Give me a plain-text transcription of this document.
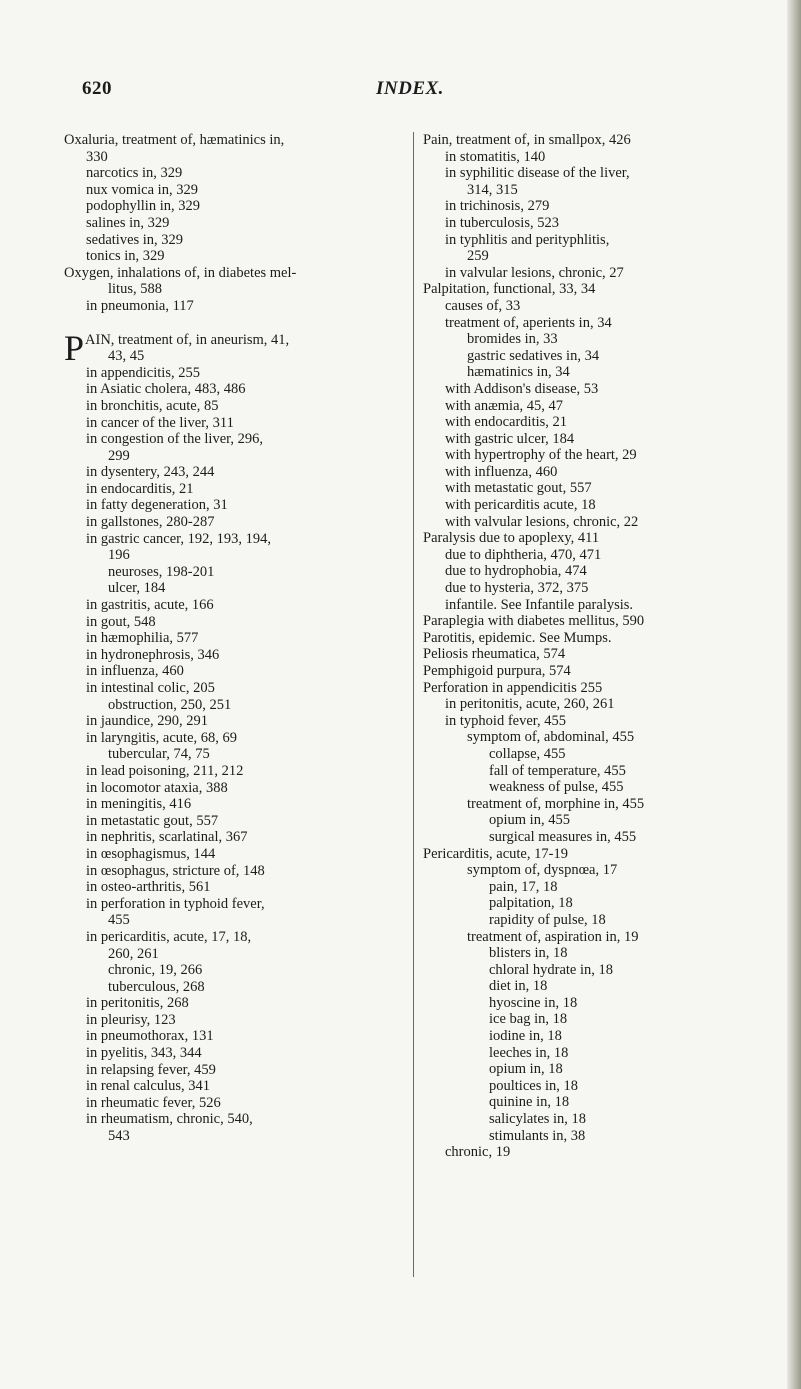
620	INDEX.
Oxaluria, treatment of, hæmatinics in,
330
narcotics in, 329
nux vomica in, 329
podophyllin in, 329
salines in, 329
sedatives in, 329
tonics in, 329
Oxygen, inhalations of, in diabetes mel-
litus, 588
in pneumonia, 117
PAIN, treatment of, in aneurism, 41,
43, 45
in appendicitis, 255
in Asiatic cholera, 483, 486
in bronchitis, acute, 85
in cancer of the liver, 311
in congestion of the liver, 296,
299
in dysentery, 243, 244
in endocarditis, 21
in fatty degeneration, 31
in gallstones, 280-287
in gastric cancer, 192, 193, 194,
196
neuroses, 198-201
ulcer, 184
in gastritis, acute, 166
in gout, 548
in hæmophilia, 577
in hydronephrosis, 346
in influenza, 460
in intestinal colic, 205
obstruction, 250, 251
in jaundice, 290, 291
in laryngitis, acute, 68, 69
tubercular, 74, 75
in lead poisoning, 211, 212
in locomotor ataxia, 388
in meningitis, 416
in metastatic gout, 557
in nephritis, scarlatinal, 367
in œsophagismus, 144
in œsophagus, stricture of, 148
in osteo-arthritis, 561
in perforation in typhoid fever,
455
in pericarditis, acute, 17, 18,
260, 261
chronic, 19, 266
tuberculous, 268
in peritonitis, 268
in pleurisy, 123
in pneumothorax, 131
in pyelitis, 343, 344
in relapsing fever, 459
in renal calculus, 341
in rheumatic fever, 526
in rheumatism, chronic, 540,
543
Pain, treatment of, in smallpox, 426
in stomatitis, 140
in syphilitic disease of the liver,
314, 315
in trichinosis, 279
in tuberculosis, 523
in typhlitis and perityphlitis,
259
in valvular lesions, chronic, 27
Palpitation, functional, 33, 34
causes of, 33
treatment of, aperients in, 34
bromides in, 33
gastric sedatives in, 34
hæmatinics in, 34
with Addison's disease, 53
with anæmia, 45, 47
with endocarditis, 21
with gastric ulcer, 184
with hypertrophy of the heart, 29
with influenza, 460
with metastatic gout, 557
with pericarditis acute, 18
with valvular lesions, chronic, 22
Paralysis due to apoplexy, 411
due to diphtheria, 470, 471
due to hydrophobia, 474
due to hysteria, 372, 375
infantile. See Infantile paralysis.
Paraplegia with diabetes mellitus, 590
Parotitis, epidemic. See Mumps.
Peliosis rheumatica, 574
Pemphigoid purpura, 574
Perforation in appendicitis 255
in peritonitis, acute, 260, 261
in typhoid fever, 455
symptom of, abdominal, 455
collapse, 455
fall of temperature, 455
weakness of pulse, 455
treatment of, morphine in, 455
opium in, 455
surgical measures in, 455
Pericarditis, acute, 17-19
symptom of, dyspnœa, 17
pain, 17, 18
palpitation, 18
rapidity of pulse, 18
treatment of, aspiration in, 19
blisters in, 18
chloral hydrate in, 18
diet in, 18
hyoscine in, 18
ice bag in, 18
iodine in, 18
leeches in, 18
opium in, 18
poultices in, 18
quinine in, 18
salicylates in, 18
stimulants in, 38
chronic, 19
